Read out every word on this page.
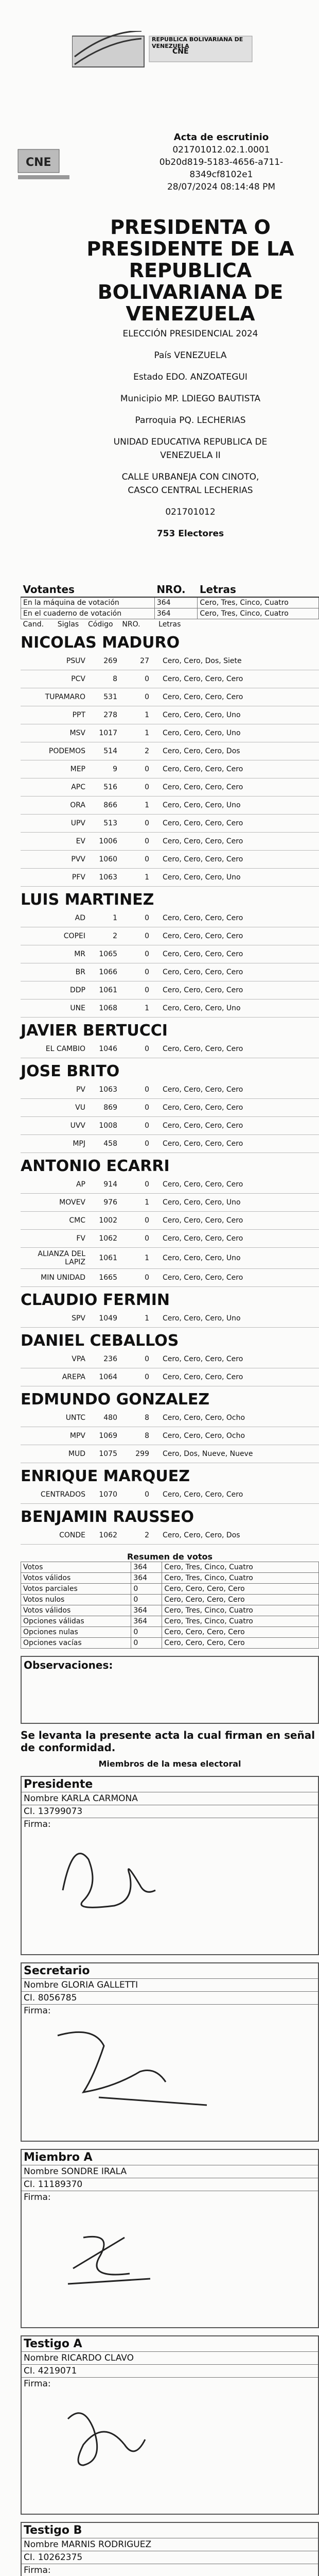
REPUBLICA BOLIVARIANA DE VENEZUELA
CNE
CNE
Acta de escrutinio
021701012.02.1.0001
0b20d819-5183-4656-a711-
8349cf8102e1
28/07/2024 08:14:48 PM
PRESIDENTA O PRESIDENTE DE LA REPUBLICA BOLIVARIANA DE VENEZUELA
ELECCIÓN PRESIDENCIAL 2024
País VENEZUELA
Estado EDO. ANZOATEGUI
Municipio MP. LDIEGO BAUTISTA
Parroquia PQ. LECHERIAS
UNIDAD EDUCATIVA REPUBLICA DE
VENEZUELA II
CALLE URBANEJA CON CINOTO,
CASCO CENTRAL LECHERIAS
021701012
753 Electores
Votantes	NRO.	Letras
En la máquina de votación	364	Cero, Tres, Cinco, Cuatro
En el cuaderno de votación	364	Cero, Tres, Cinco, Cuatro
Cand. Siglas Código NRO. Letras		
NICOLAS MADURO
PSUV	269	27	Cero, Cero, Dos, Siete
PCV	8	0	Cero, Cero, Cero, Cero
TUPAMARO	531	0	Cero, Cero, Cero, Cero
PPT	278	1	Cero, Cero, Cero, Uno
MSV	1017	1	Cero, Cero, Cero, Uno
PODEMOS	514	2	Cero, Cero, Cero, Dos
MEP	9	0	Cero, Cero, Cero, Cero
APC	516	0	Cero, Cero, Cero, Cero
ORA	866	1	Cero, Cero, Cero, Uno
UPV	513	0	Cero, Cero, Cero, Cero
EV	1006	0	Cero, Cero, Cero, Cero
PVV	1060	0	Cero, Cero, Cero, Cero
PFV	1063	1	Cero, Cero, Cero, Uno
LUIS MARTINEZ
AD	1	0	Cero, Cero, Cero, Cero
COPEI	2	0	Cero, Cero, Cero, Cero
MR	1065	0	Cero, Cero, Cero, Cero
BR	1066	0	Cero, Cero, Cero, Cero
DDP	1061	0	Cero, Cero, Cero, Cero
UNE	1068	1	Cero, Cero, Cero, Uno
JAVIER BERTUCCI
EL CAMBIO	1046	0	Cero, Cero, Cero, Cero
JOSE BRITO
PV	1063	0	Cero, Cero, Cero, Cero
VU	869	0	Cero, Cero, Cero, Cero
UVV	1008	0	Cero, Cero, Cero, Cero
MPJ	458	0	Cero, Cero, Cero, Cero
ANTONIO ECARRI
AP	914	0	Cero, Cero, Cero, Cero
MOVEV	976	1	Cero, Cero, Cero, Uno
CMC	1002	0	Cero, Cero, Cero, Cero
FV	1062	0	Cero, Cero, Cero, Cero
ALIANZA DEL LAPIZ	1061	1	Cero, Cero, Cero, Uno
MIN UNIDAD	1665	0	Cero, Cero, Cero, Cero
CLAUDIO FERMIN
SPV	1049	1	Cero, Cero, Cero, Uno
DANIEL CEBALLOS
VPA	236	0	Cero, Cero, Cero, Cero
AREPA	1064	0	Cero, Cero, Cero, Cero
EDMUNDO GONZALEZ
UNTC	480	8	Cero, Cero, Cero, Ocho
MPV	1069	8	Cero, Cero, Cero, Ocho
MUD	1075	299	Cero, Dos, Nueve, Nueve
ENRIQUE MARQUEZ
CENTRADOS	1070	0	Cero, Cero, Cero, Cero
BENJAMIN RAUSSEO
CONDE	1062	2	Cero, Cero, Cero, Dos
Resumen de votos
Votos	364	Cero, Tres, Cinco, Cuatro
Votos válidos	364	Cero, Tres, Cinco, Cuatro
Votos parciales	0	Cero, Cero, Cero, Cero
Votos nulos	0	Cero, Cero, Cero, Cero
Votos válidos	364	Cero, Tres, Cinco, Cuatro
Opciones válidas	364	Cero, Tres, Cinco, Cuatro
Opciones nulas	0	Cero, Cero, Cero, Cero
Opciones vacías	0	Cero, Cero, Cero, Cero
Observaciones:
Se levanta la presente acta la cual firman en señal de conformidad.
Miembros de la mesa electoral
Presidente
Nombre KARLA CARMONA
CI. 13799073
Firma:
Secretario
Nombre GLORIA GALLETTI
CI. 8056785
Firma:
Miembro A
Nombre SONDRE IRALA
CI. 11189370
Firma:
Testigo A
Nombre RICARDO CLAVO
CI. 4219071
Firma:
Testigo B
Nombre MARNIS RODRIGUEZ
CI. 10262375
Firma:
